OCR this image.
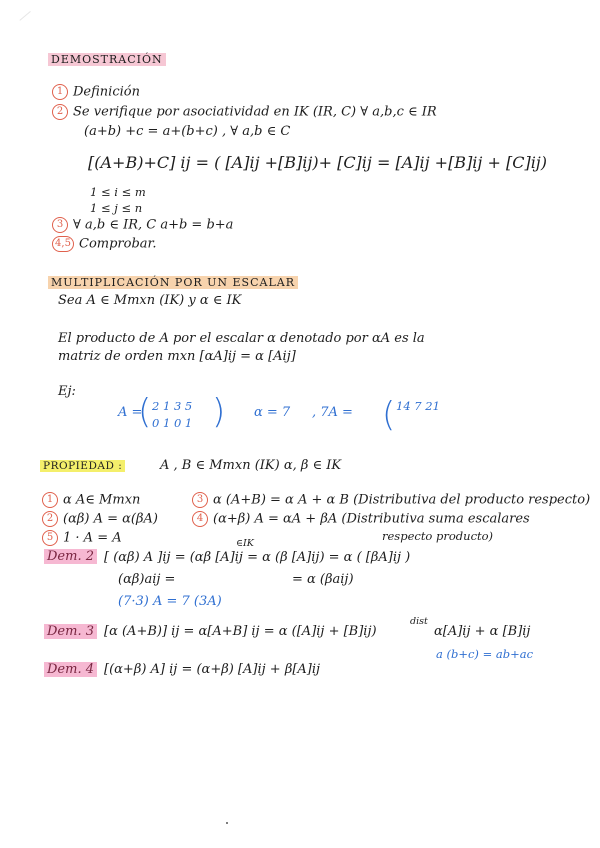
DEMOSTRACIÓN
1 Definición
2 Se verifique por asociatividad en IK (IR, C) ∀ a,b,c ∈ IR
(a+b) +c = a+(b+c) , ∀ a,b ∈ C
[(A+B)+C] ij = ( [A]ij +[B]ij)+ [C]ij = [A]ij +[B]ij + [C]ij)
1 ≤ i ≤ m
1 ≤ j ≤ n
3 ∀ a,b ∈ IR, C a+b = b+a
4,5 Comprobar.
MULTIPLICACIÓN POR UN ESCALAR
Sea A ∈ Mmxn (IK) y α ∈ IK
El producto de A por el escalar α denotado por αA es la
matriz de orden mxn [αA]ij = α [Aij]
Ej:
A =
( 2 1 3 5
0 1 0 1 ) α = 7 , 7A = ( 14 7 21
PROPIEDAD :	A , B ∈ Mmxn (IK) α, β ∈ IK
1 α A∈ Mmxn	3 α (A+B) = α A + α B (Distributiva del producto respecto)
2 (αβ) A = α(βA)	4 (α+β) A = αA + βA (Distributiva suma escalares
respecto producto)
5 1 · A = A
Dem. 2
∈IK
[ (αβ) A ]ij = (αβ [A]ij = α (β [A]ij) = α ( [βA]ij )
(αβ)aij =	= α (βaij)
(7·3) A = 7 (3A)
Dem. 3 [α (A+B)] ij = α[A+B] ij = α ([A]ij + [B]ij)
dist
α[A]ij + α [B]ij
a (b+c) = ab+ac
Dem. 4 [(α+β) A] ij = (α+β) [A]ij + β[A]ij
